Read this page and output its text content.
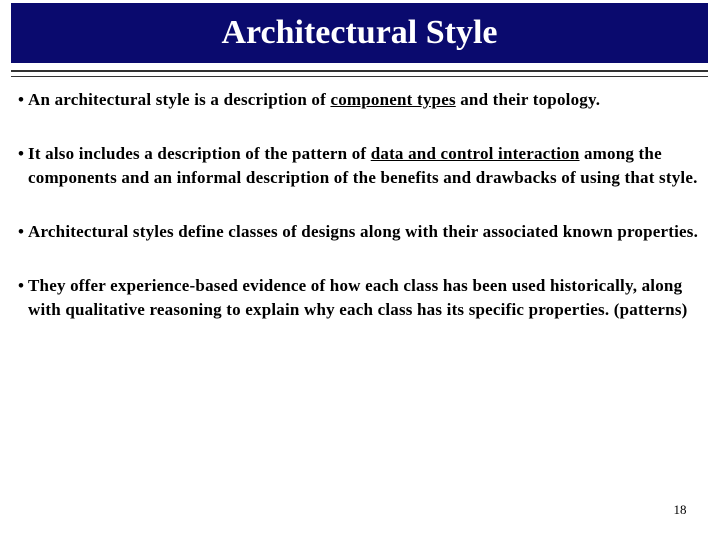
Architectural Style
• An architectural style is a description of component types and their topology.
• It also includes a description of the pattern of data and control interaction among the components and an informal description of the benefits and drawbacks of using that style.
• Architectural styles define classes of designs along with their associated known properties.
• They offer experience-based evidence of how each class has been used historically, along with qualitative reasoning to explain why each class has its specific properties. (patterns)
18
